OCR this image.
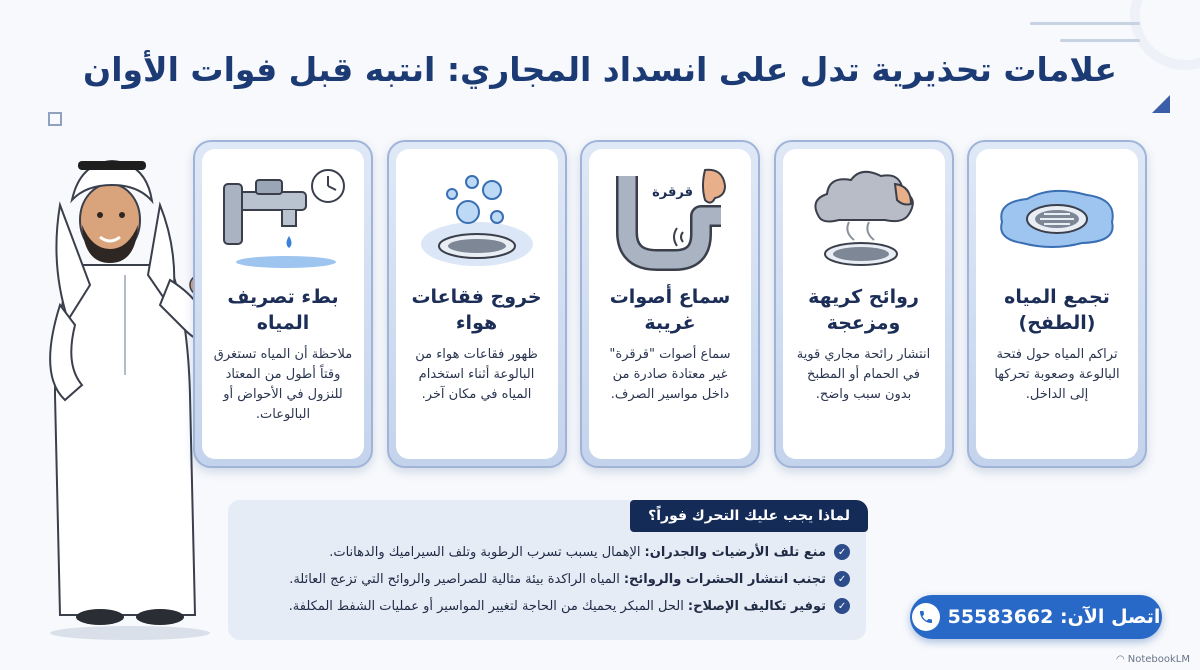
علامات تحذيرية تدل على انسداد المجاري: انتبه قبل فوات الأوان
تجمع المياه
(الطفح)
تراكم المياه حول فتحة البالوعة وصعوبة تحركها إلى الداخل.
روائح كريهة
ومزعجة
انتشار رائحة مجاري قوية في الحمام أو المطبخ بدون سبب واضح.
قرقرة
سماع أصوات
غريبة
سماع أصوات "قرقرة" غير معتادة صادرة من داخل مواسير الصرف.
خروج فقاعات
هواء
ظهور فقاعات هواء من البالوعة أثناء استخدام المياه في مكان آخر.
بطء تصريف
المياه
ملاحظة أن المياه تستغرق وقتاً أطول من المعتاد للنزول في الأحواض أو البالوعات.
لماذا يجب عليك التحرك فوراً؟
✓
منع تلف الأرضيات والجدران:
الإهمال يسبب تسرب الرطوبة وتلف السيراميك والدهانات.
✓
تجنب انتشار الحشرات والروائح:
المياه الراكدة بيئة مثالية للصراصير والروائح التي تزعج العائلة.
✓
توفير تكاليف الإصلاح:
الحل المبكر يحميك من الحاجة لتغيير المواسير أو عمليات الشفط المكلفة.	اتصل الآن: 55583662
◠ NotebookLM
